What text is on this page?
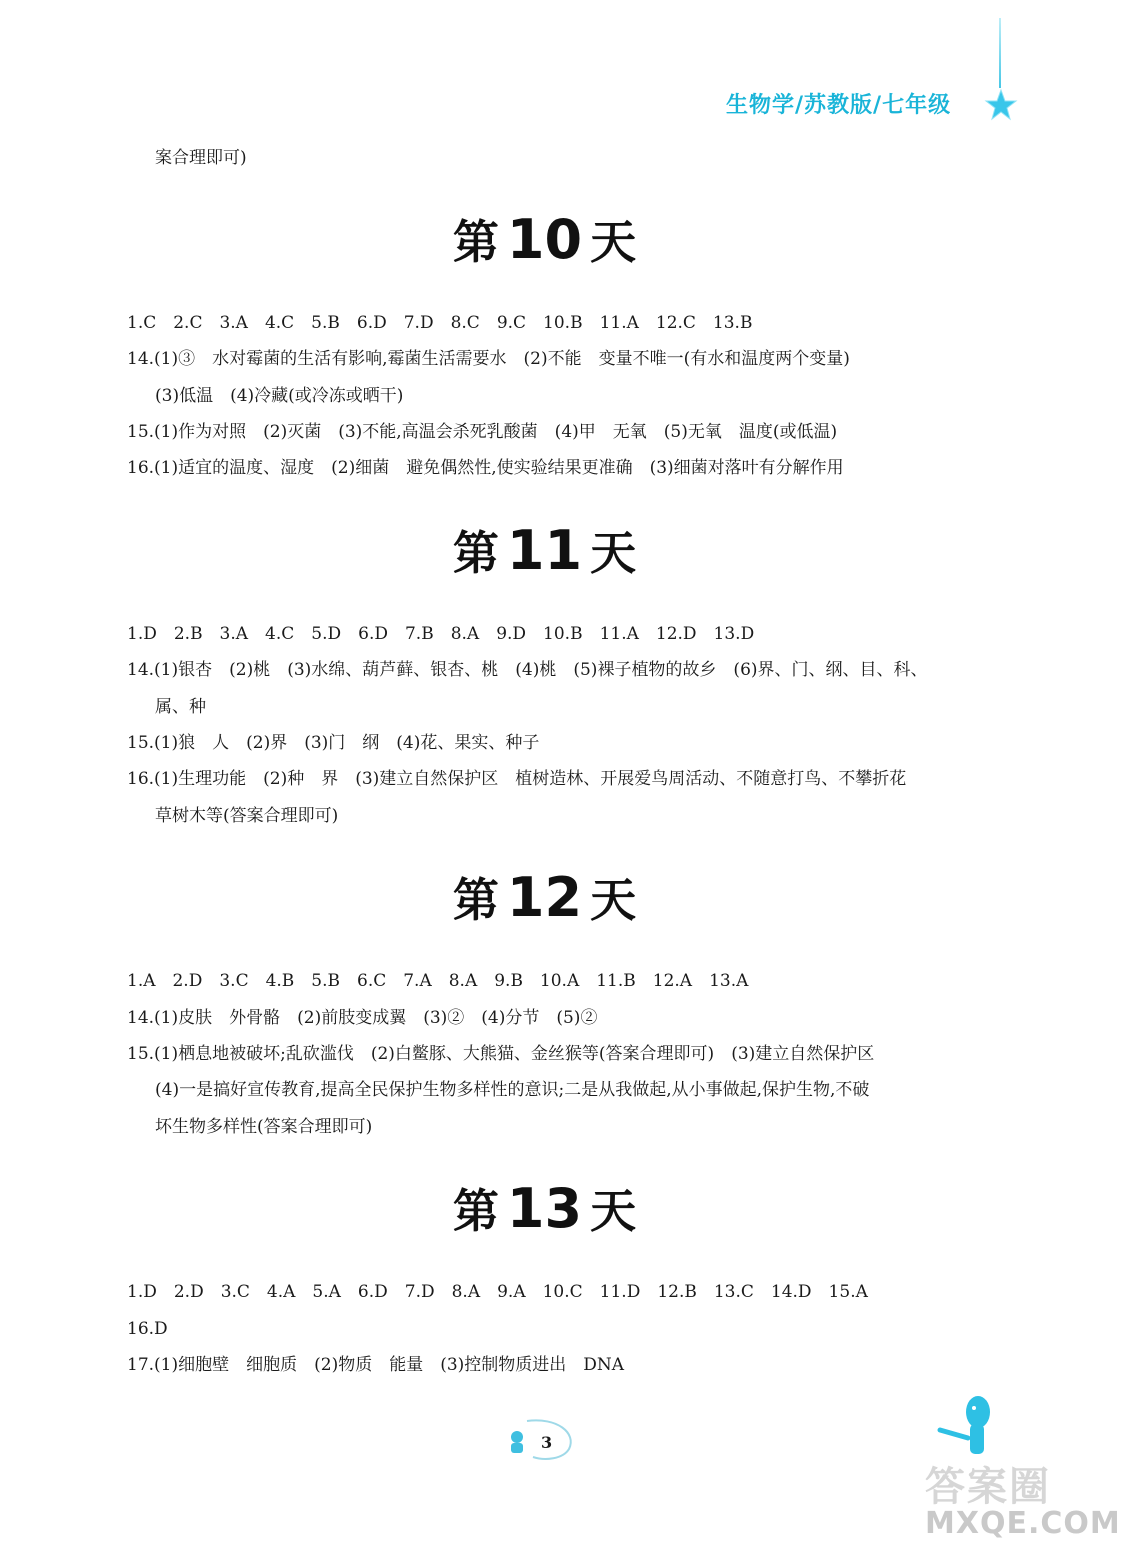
生物学/苏教版/七年级
案合理即可)
第 10 天
1.C　2.C　3.A　4.C　5.B　6.D　7.D　8.C　9.C　10.B　11.A　12.C　13.B
14.(1)③　水对霉菌的生活有影响,霉菌生活需要水　(2)不能　变量不唯一(有水和温度两个变量)
(3)低温　(4)冷藏(或冷冻或晒干)
15.(1)作为对照　(2)灭菌　(3)不能,高温会杀死乳酸菌　(4)甲　无氧　(5)无氧　温度(或低温)
16.(1)适宜的温度、湿度　(2)细菌　避免偶然性,使实验结果更准确　(3)细菌对落叶有分解作用
第 11 天
1.D　2.B　3.A　4.C　5.D　6.D　7.B　8.A　9.D　10.B　11.A　12.D　13.D
14.(1)银杏　(2)桃　(3)水绵、葫芦藓、银杏、桃　(4)桃　(5)裸子植物的故乡　(6)界、门、纲、目、科、
属、种
15.(1)狼　人　(2)界　(3)门　纲　(4)花、果实、种子
16.(1)生理功能　(2)种　界　(3)建立自然保护区　植树造林、开展爱鸟周活动、不随意打鸟、不攀折花
草树木等(答案合理即可)
第 12 天
1.A　2.D　3.C　4.B　5.B　6.C　7.A　8.A　9.B　10.A　11.B　12.A　13.A
14.(1)皮肤　外骨骼　(2)前肢变成翼　(3)②　(4)分节　(5)②
15.(1)栖息地被破坏;乱砍滥伐　(2)白鳖豚、大熊猫、金丝猴等(答案合理即可)　(3)建立自然保护区
(4)一是搞好宣传教育,提高全民保护生物多样性的意识;二是从我做起,从小事做起,保护生物,不破
坏生物多样性(答案合理即可)
第 13 天
1.D　2.D　3.C　4.A　5.A　6.D　7.D　8.A　9.A　10.C　11.D　12.B　13.C　14.D　15.A
16.D
17.(1)细胞壁　细胞质　(2)物质　能量　(3)控制物质进出　DNA
3
答案圈
MXQE.COM
